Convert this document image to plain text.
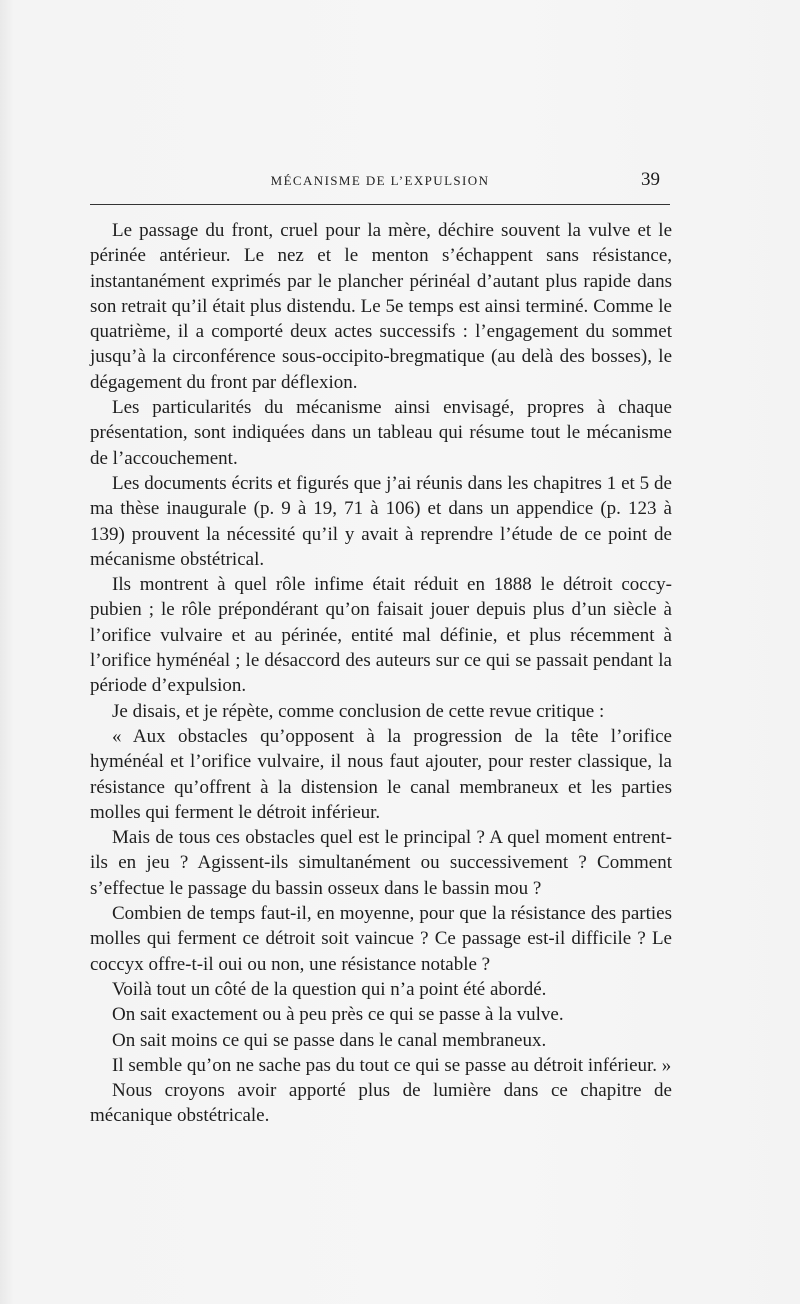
MÉCANISME DE L’EXPULSION	39

Le passage du front, cruel pour la mère, déchire souvent la vulve et le périnée antérieur. Le nez et le menton s’échappent sans résistance, instantanément exprimés par le plancher périnéal d’autant plus rapide dans son retrait qu’il était plus distendu. Le 5e temps est ainsi terminé. Comme le quatrième, il a comporté deux actes successifs : l’engagement du sommet jusqu’à la circonférence sous-occipito-bregmatique (au delà des bosses), le dégagement du front par déflexion.

Les particularités du mécanisme ainsi envisagé, propres à chaque présentation, sont indiquées dans un tableau qui résume tout le mécanisme de l’accouchement.

Les documents écrits et figurés que j’ai réunis dans les chapitres 1 et 5 de ma thèse inaugurale (p. 9 à 19, 71 à 106) et dans un appendice (p. 123 à 139) prouvent la nécessité qu’il y avait à reprendre l’étude de ce point de mécanisme obstétrical.

Ils montrent à quel rôle infime était réduit en 1888 le détroit coccy-pubien ; le rôle prépondérant qu’on faisait jouer depuis plus d’un siècle à l’orifice vulvaire et au périnée, entité mal définie, et plus récemment à l’orifice hyménéal ; le désaccord des auteurs sur ce qui se passait pendant la période d’expulsion.

Je disais, et je répète, comme conclusion de cette revue critique :

« Aux obstacles qu’opposent à la progression de la tête l’orifice hyménéal et l’orifice vulvaire, il nous faut ajouter, pour rester classique, la résistance qu’offrent à la distension le canal membraneux et les parties molles qui ferment le détroit inférieur.

Mais de tous ces obstacles quel est le principal ? A quel moment entrent-ils en jeu ? Agissent-ils simultanément ou successivement ? Comment s’effectue le passage du bassin osseux dans le bassin mou ?

Combien de temps faut-il, en moyenne, pour que la résistance des parties molles qui ferment ce détroit soit vaincue ? Ce passage est-il difficile ? Le coccyx offre-t-il oui ou non, une résistance notable ?

Voilà tout un côté de la question qui n’a point été abordé.

On sait exactement ou à peu près ce qui se passe à la vulve.

On sait moins ce qui se passe dans le canal membraneux.

Il semble qu’on ne sache pas du tout ce qui se passe au détroit inférieur. »

Nous croyons avoir apporté plus de lumière dans ce chapitre de mécanique obstétricale.
